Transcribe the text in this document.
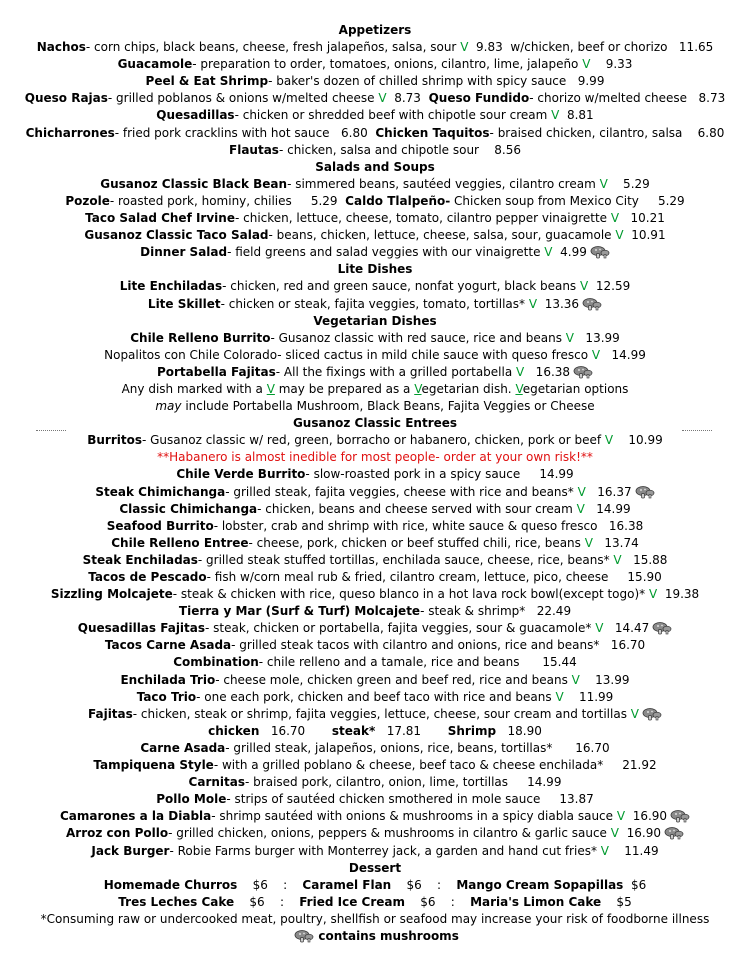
Appetizers
Nachos- corn chips, black beans, cheese, fresh jalapeños, salsa, sour V  9.83  w/chicken, beef or chorizo   11.65
Guacamole- preparation to order, tomatoes, onions, cilantro, lime, jalapeño V    9.33
Peel & Eat Shrimp- baker's dozen of chilled shrimp with spicy sauce   9.99
Queso Rajas- grilled poblanos & onions w/melted cheese V  8.73  Queso Fundido- chorizo w/melted cheese   8.73
Quesadillas- chicken or shredded beef with chipotle sour cream V  8.81
Chicharrones- fried pork cracklins with hot sauce   6.80  Chicken Taquitos- braised chicken, cilantro, salsa    6.80
Flautas- chicken, salsa and chipotle sour    8.56
Salads and Soups
Gusanoz Classic Black Bean- simmered beans, sautéed veggies, cilantro cream V    5.29
Pozole- roasted pork, hominy, chilies     5.29  Caldo Tlalpeño- Chicken soup from Mexico City     5.29
Taco Salad Chef Irvine- chicken, lettuce, cheese, tomato, cilantro pepper vinaigrette V   10.21
Gusanoz Classic Taco Salad- beans, chicken, lettuce, cheese, salsa, sour, guacamole V  10.91
Dinner Salad- field greens and salad veggies with our vinaigrette V  4.99
Lite Dishes
Lite Enchiladas- chicken, red and green sauce, nonfat yogurt, black beans V  12.59
Lite Skillet- chicken or steak, fajita veggies, tomato, tortillas* V  13.36
Vegetarian Dishes
Chile Relleno Burrito- Gusanoz classic with red sauce, rice and beans V   13.99
Nopalitos con Chile Colorado- sliced cactus in mild chile sauce with queso fresco V   14.99
Portabella Fajitas- All the fixings with a grilled portabella V   16.38
Any dish marked with a V may be prepared as a Vegetarian dish. Vegetarian options
may include Portabella Mushroom, Black Beans, Fajita Veggies or Cheese
Gusanoz Classic Entrees
Burritos- Gusanoz classic w/ red, green, borracho or habanero, chicken, pork or beef V    10.99
**Habanero is almost inedible for most people- order at your own risk!**
Chile Verde Burrito- slow-roasted pork in a spicy sauce     14.99
Steak Chimichanga- grilled steak, fajita veggies, cheese with rice and beans* V   16.37
Classic Chimichanga- chicken, beans and cheese served with sour cream V   14.99
Seafood Burrito- lobster, crab and shrimp with rice, white sauce & queso fresco   16.38
Chile Relleno Entree- cheese, pork, chicken or beef stuffed chili, rice, beans V   13.74
Steak Enchiladas- grilled steak stuffed tortillas, enchilada sauce, cheese, rice, beans* V   15.88
Tacos de Pescado- fish w/corn meal rub & fried, cilantro cream, lettuce, pico, cheese     15.90
Sizzling Molcajete- steak & chicken with rice, queso blanco in a hot lava rock bowl(except togo)* V  19.38
Tierra y Mar (Surf & Turf) Molcajete- steak & shrimp*   22.49
Quesadillas Fajitas- steak, chicken or portabella, fajita veggies, sour & guacamole* V   14.47
Tacos Carne Asada- grilled steak tacos with cilantro and onions, rice and beans*   16.70
Combination- chile relleno and a tamale, rice and beans      15.44
Enchilada Trio- cheese mole, chicken green and beef red, rice and beans V    13.99
Taco Trio- one each pork, chicken and beef taco with rice and beans V    11.99
Fajitas- chicken, steak or shrimp, fajita veggies, lettuce, cheese, sour cream and tortillas V
chicken   16.70       steak*   17.81       Shrimp   18.90
Carne Asada- grilled steak, jalapeños, onions, rice, beans, tortillas*      16.70
Tampiquena Style- with a grilled poblano & cheese, beef taco & cheese enchilada*     21.92
Carnitas- braised pork, cilantro, onion, lime, tortillas     14.99
Pollo Mole- strips of sautéed chicken smothered in mole sauce     13.87
Camarones a la Diabla- shrimp sautéed with onions & mushrooms in a spicy diabla sauce V  16.90
Arroz con Pollo- grilled chicken, onions, peppers & mushrooms in cilantro & garlic sauce V  16.90
Jack Burger- Robie Farms burger with Monterrey jack, a garden and hand cut fries* V    11.49
Dessert
Homemade Churros    $6    :    Caramel Flan    $6    :    Mango Cream Sopapillas  $6
Tres Leches Cake    $6    :    Fried Ice Cream    $6    :    Maria's Limon Cake    $5
*Consuming raw or undercooked meat, poultry, shellfish or seafood may increase your risk of foodborne illness
contains mushrooms
